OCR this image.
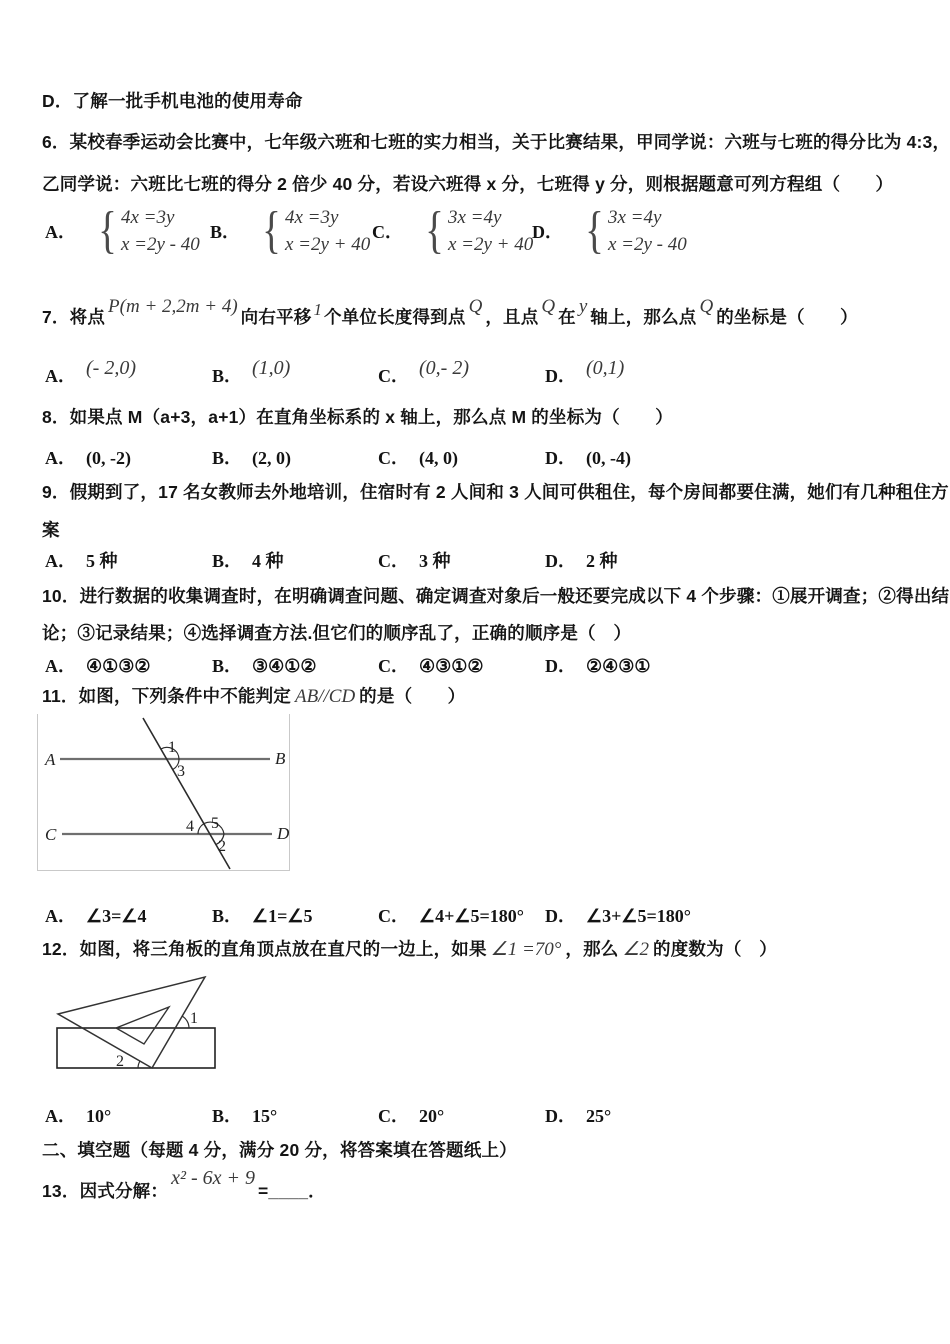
D．了解一批手机电池的使用寿命
6．某校春季运动会比赛中，七年级六班和七班的实力相当，关于比赛结果，甲同学说：六班与七班的得分比为 4:3，
乙同学说：六班比七班的得分 2 倍少 40 分，若设六班得 x 分，七班得 y 分，则根据题意可列方程组（　　）
A． { 4x =3y
x =2y - 40
B． { 4x =3y
x =2y + 40
C． { 3x =4y
x =2y + 40
D． { 3x =4y
x =2y - 40
7．将点 P(m + 2,2m + 4) 向右平移 1 个单位长度得到点 Q ，且点 Q 在 y 轴上，那么点 Q 的坐标是（　　）
A． (- 2,0)	B． (1,0)	C． (0,- 2)	D． (0,1)
8．如果点 M（a+3，a+1）在直角坐标系的 x 轴上，那么点 M 的坐标为（　　）
A． (0, -2)	B． (2, 0)	C． (4, 0)	D． (0, -4)
9．假期到了，17 名女教师去外地培训，住宿时有 2 人间和 3 人间可供租住，每个房间都要住满，她们有几种租住方
案
A． 5 种	B． 4 种	C． 3 种	D． 2 种
10．进行数据的收集调查时，在明确调查问题、确定调查对象后一般还要完成以下 4 个步骤：①展开调查；②得出结
论；③记录结果；④选择调查方法.但它们的顺序乱了，正确的顺序是（　）
A． ④①③②	B． ③④①②	C． ④③①②	D． ②④③①
11．如图，下列条件中不能判定 AB//CD 的是（　　）
A	B
C	D
1
3
4 5
2
A． ∠3=∠4	B． ∠1=∠5	C． ∠4+∠5=180° D． ∠3+∠5=180°
12．如图，将三角板的直角顶点放在直尺的一边上，如果 ∠1 =70° ，那么 ∠2 的度数为（　）
1
2
A． 10°	B． 15°	C． 20°	D． 25°
二、填空题（每题 4 分，满分 20 分，将答案填在答题纸上）
13．因式分解：x² - 6x + 9=____．
